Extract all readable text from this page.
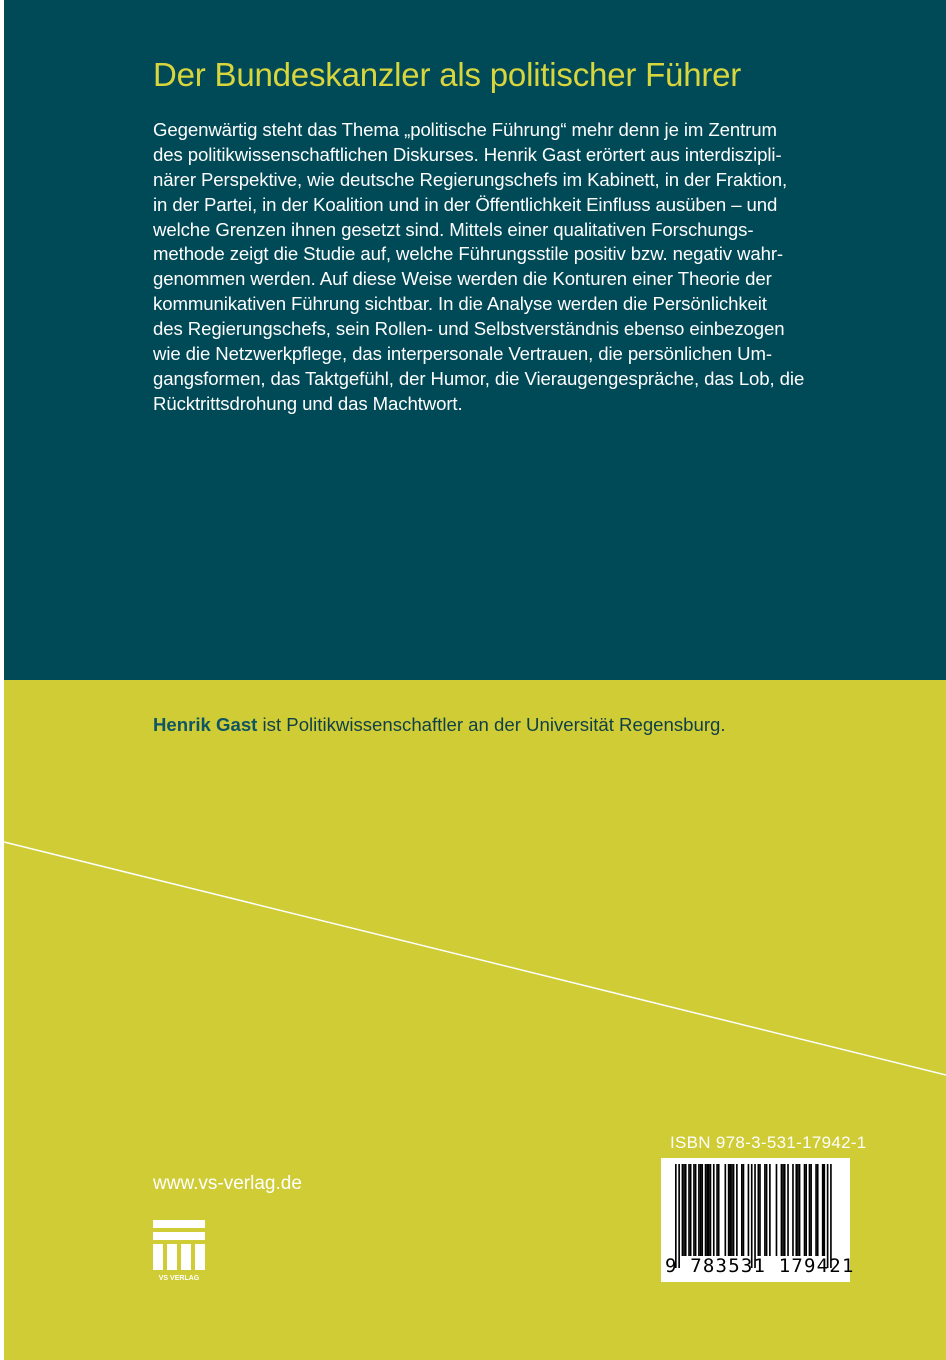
Der Bundeskanzler als politischer Führer
Gegenwärtig steht das Thema „politische Führung“ mehr denn je im Zentrum
des politikwissenschaftlichen Diskurses. Henrik Gast erörtert aus interdiszipli-
närer Perspektive, wie deutsche Regierungschefs im Kabinett, in der Fraktion,
in der Partei, in der Koalition und in der Öffentlichkeit Einfluss ausüben – und
welche Grenzen ihnen gesetzt sind. Mittels einer qualitativen Forschungs-
methode zeigt die Studie auf, welche Führungsstile positiv bzw. negativ wahr-
genommen werden. Auf diese Weise werden die Konturen einer Theorie der
kommunikativen Führung sichtbar. In die Analyse werden die Persönlichkeit
des Regierungschefs, sein Rollen- und Selbstverständnis ebenso einbezogen
wie die Netzwerkpflege, das interpersonale Vertrauen, die persönlichen Um-
gangsformen, das Taktgefühl, der Humor, die Vieraugengespräche, das Lob, die
Rücktrittsdrohung und das Machtwort.

Henrik Gast ist Politikwissenschaftler an der Universität Regensburg.

www.vs-verlag.de

VS VERLAG

ISBN 978-3-531-17942-1

9 783531 179421
